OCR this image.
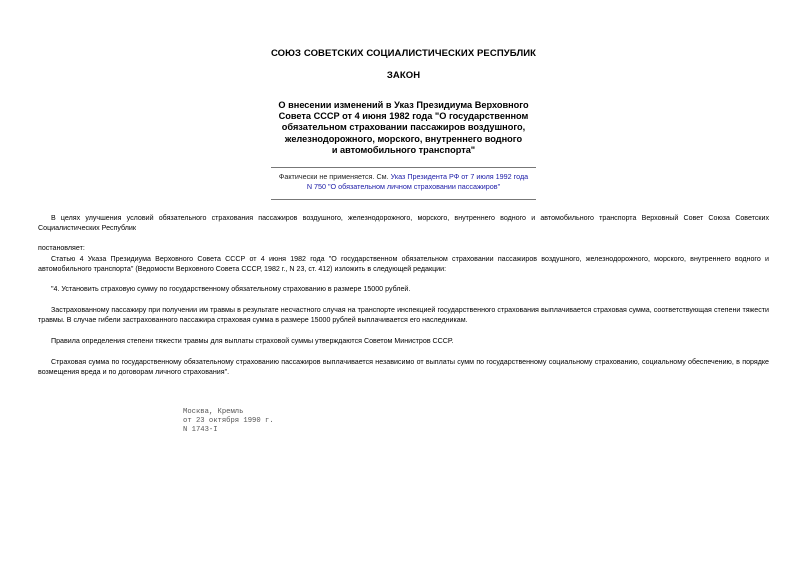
СОЮЗ СОВЕТСКИХ СОЦИАЛИСТИЧЕСКИХ РЕСПУБЛИК
ЗАКОН
О внесении изменений в Указ Президиума Верховного
Совета СССР от 4 июня 1982 года "О государственном
обязательном страховании пассажиров воздушного,
железнодорожного, морского, внутреннего водного
и автомобильного транспорта"
Фактически не применяется. См. Указ Президента РФ от 7 июля 1992 года
N 750 "О обязательном личном страховании пассажиров"
В целях улучшения условий обязательного страхования пассажиров воздушного, железнодорожного, морского, внутреннего водного и автомобильного транспорта Верховный Совет Союза Советских Социалистических Республик
постановляет:
Статью 4 Указа Президиума Верховного Совета СССР от 4 июня 1982 года "О государственном обязательном страховании пассажиров воздушного, железнодорожного, морского, внутреннего водного и автомобильного транспорта" (Ведомости Верховного Совета СССР, 1982 г., N 23, ст. 412) изложить в следующей редакции:
"4. Установить страховую сумму по государственному обязательному страхованию в размере 15000 рублей.
Застрахованному пассажиру при получении им травмы в результате несчастного случая на транспорте инспекцией государственного страхования выплачивается страховая сумма, соответствующая степени тяжести травмы. В случае гибели застрахованного пассажира страховая сумма в размере 15000 рублей выплачивается его наследникам.
Правила определения степени тяжести травмы для выплаты страховой суммы утверждаются Советом Министров СССР.
Страховая сумма по государственному обязательному страхованию пассажиров выплачивается независимо от выплаты сумм по государственному социальному страхованию, социальному обеспечению, в порядке возмещения вреда и по договорам личного страхования".
Москва, Кремль
от 23 октября 1990 г.
N 1743-I
